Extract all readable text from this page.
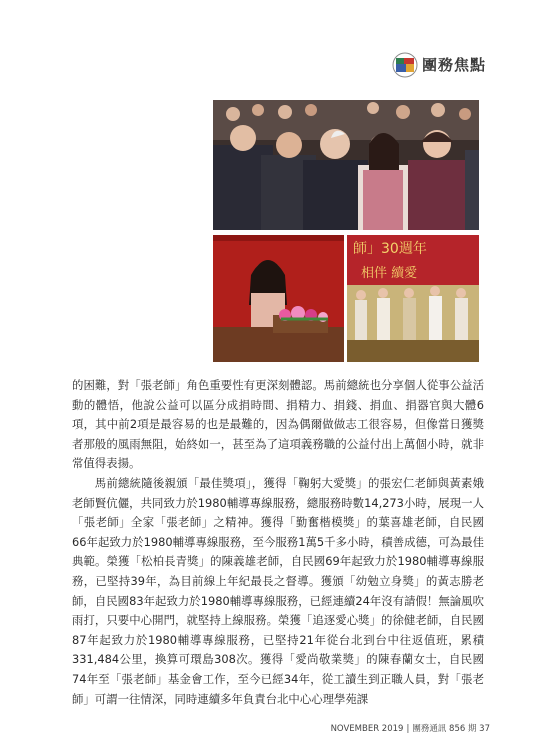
團務焦點
師」30週年
相伴 續愛

的困難，對「張老師」角色重要性有更深刻體認。馬前總統也分享個人從事公益活動的體悟，他說公益可以區分成捐時間、捐精力、捐錢、捐血、捐器官與大體6項，其中前2項是最容易的也是最難的，因為偶爾做做志工很容易，但像當日獲獎者那般的風雨無阻，始終如一，甚至為了這項義務職的公益付出上萬個小時，就非常值得表揚。

馬前總統隨後親頒「最佳獎項」，獲得「鞠躬大愛獎」的張宏仁老師與黃素娥老師賢伉儷，共同致力於1980輔導專線服務，總服務時數14,273小時，展現一人「張老師」全家「張老師」之精神。獲得「勤奮楷模獎」的葉喜雄老師，自民國66年起致力於1980輔導專線服務，至今服務1萬5千多小時，積善成德，可為最佳典範。榮獲「松柏長青獎」的陳義雄老師，自民國69年起致力於1980輔導專線服務，已堅持39年，為目前線上年紀最長之督導。獲頒「幼勉立身獎」的黃志勝老師，自民國83年起致力於1980輔導專線服務，已經連續24年沒有請假！無論風吹雨打，只要中心開門，就堅持上線服務。榮獲「追逐愛心獎」的徐健老師，自民國87年起致力於1980輔導專線服務，已堅持21年從台北到台中往返值班，累積331,484公里，換算可環島308次。獲得「愛尚敬業獎」的陳春蘭女士，自民國74年至「張老師」基金會工作，至今已經34年，從工讀生到正職人員，對「張老師」可謂一往情深，同時連續多年負責台北中心心理學苑課

NOVEMBER 2019 | 團務通訊 856 期 37
